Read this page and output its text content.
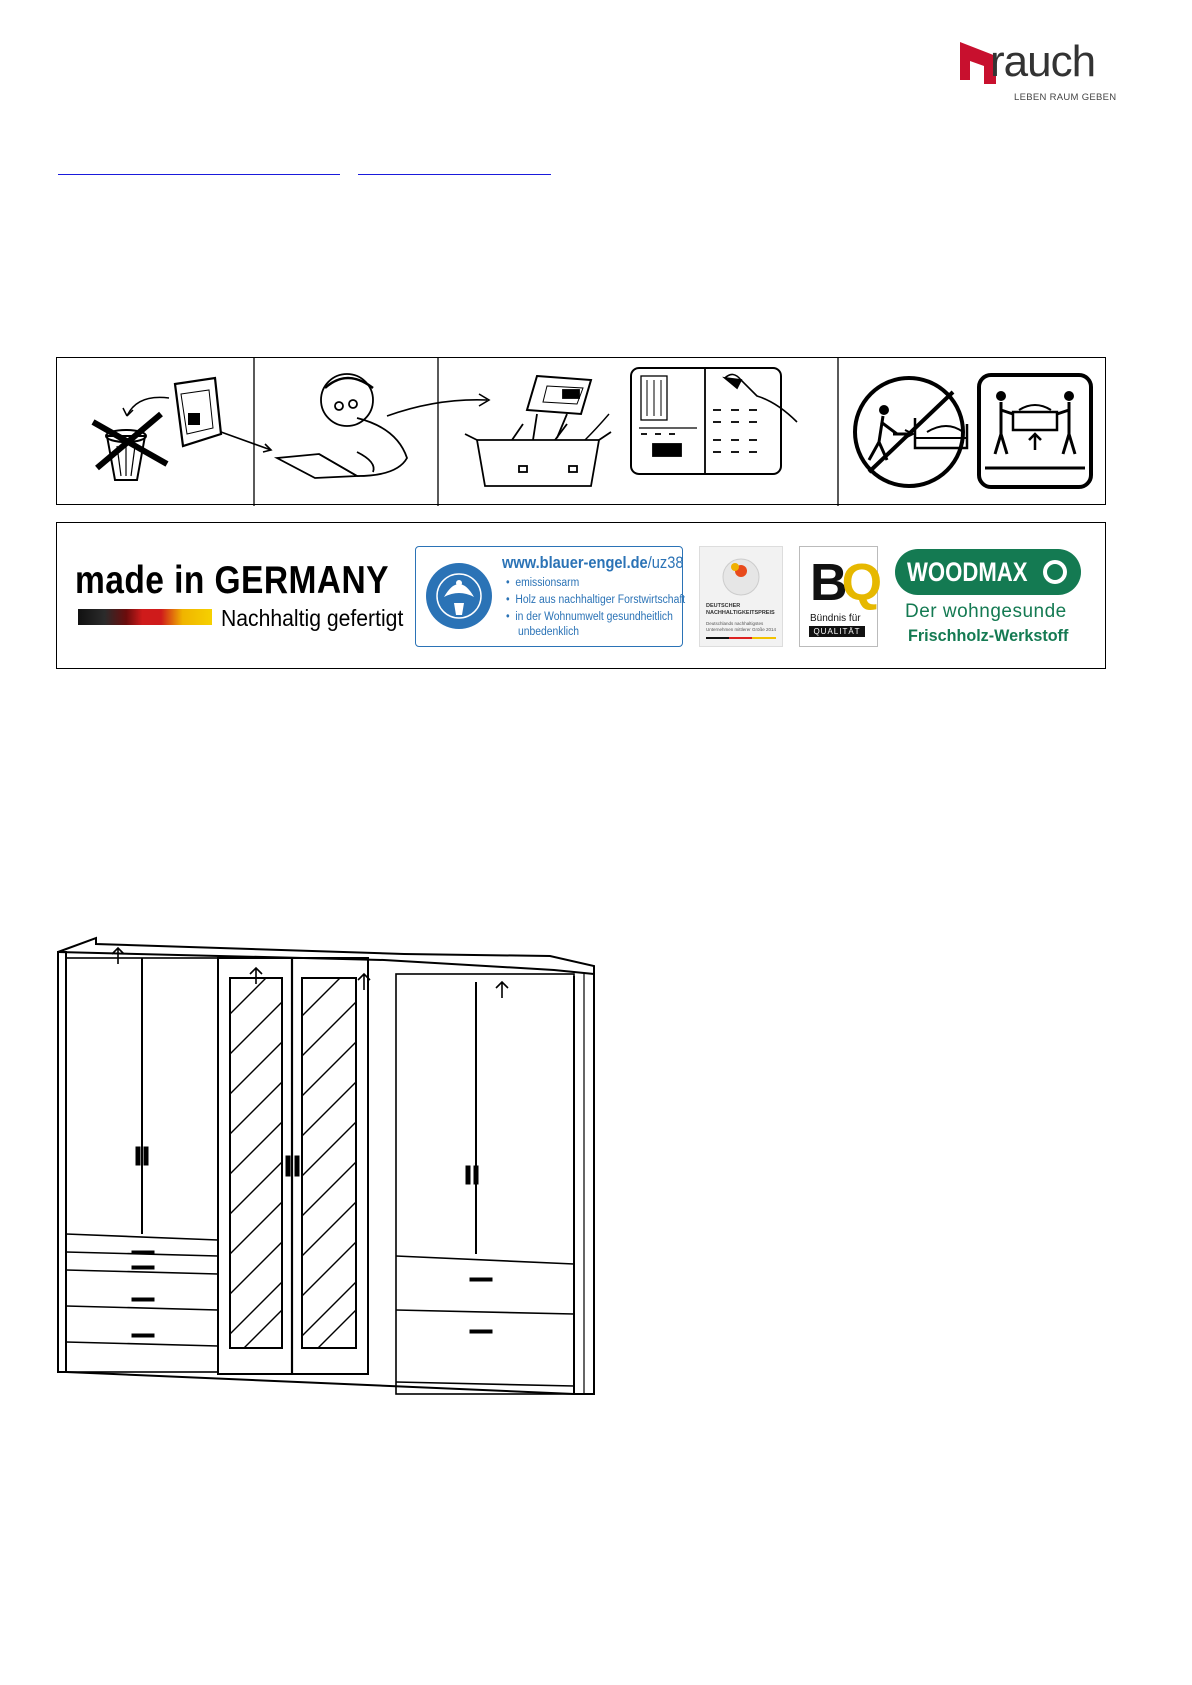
rauch
LEBEN RAUM GEBEN
made in GERMANY
Nachhaltig gefertigt
www.blauer-engel.de/uz38
•  emissionsarm
•  Holz aus nachhaltiger Forstwirtschaft
•  in der Wohnumwelt gesundheitlich
unbedenklich
DEUTSCHER NACHHALTIGKEITSPREIS
Deutschlands nachhaltigstes Unternehmen mittlerer Größe 2014
BQ
Bündnis für
QUALITÄT
WOODMAX
Der wohngesunde
Frischholz-Werkstoff
